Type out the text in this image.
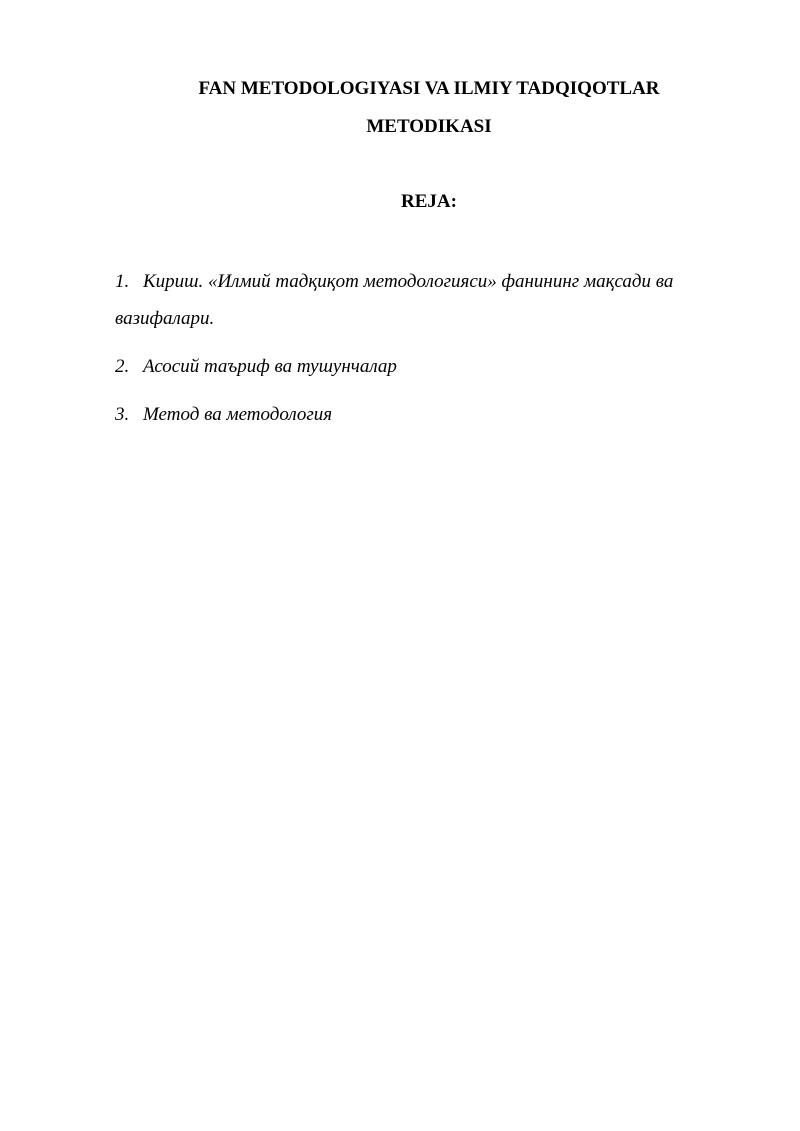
FAN METODOLOGIYASI VA ILMIY TADQIQOTLAR
METODIKASI
REJA:
1. Кириш. «Илмий тадқиқот методологияси» фанининг мақсади ва вазифалари.
2. Асосий таъриф ва тушунчалар
3. Метод ва методология
